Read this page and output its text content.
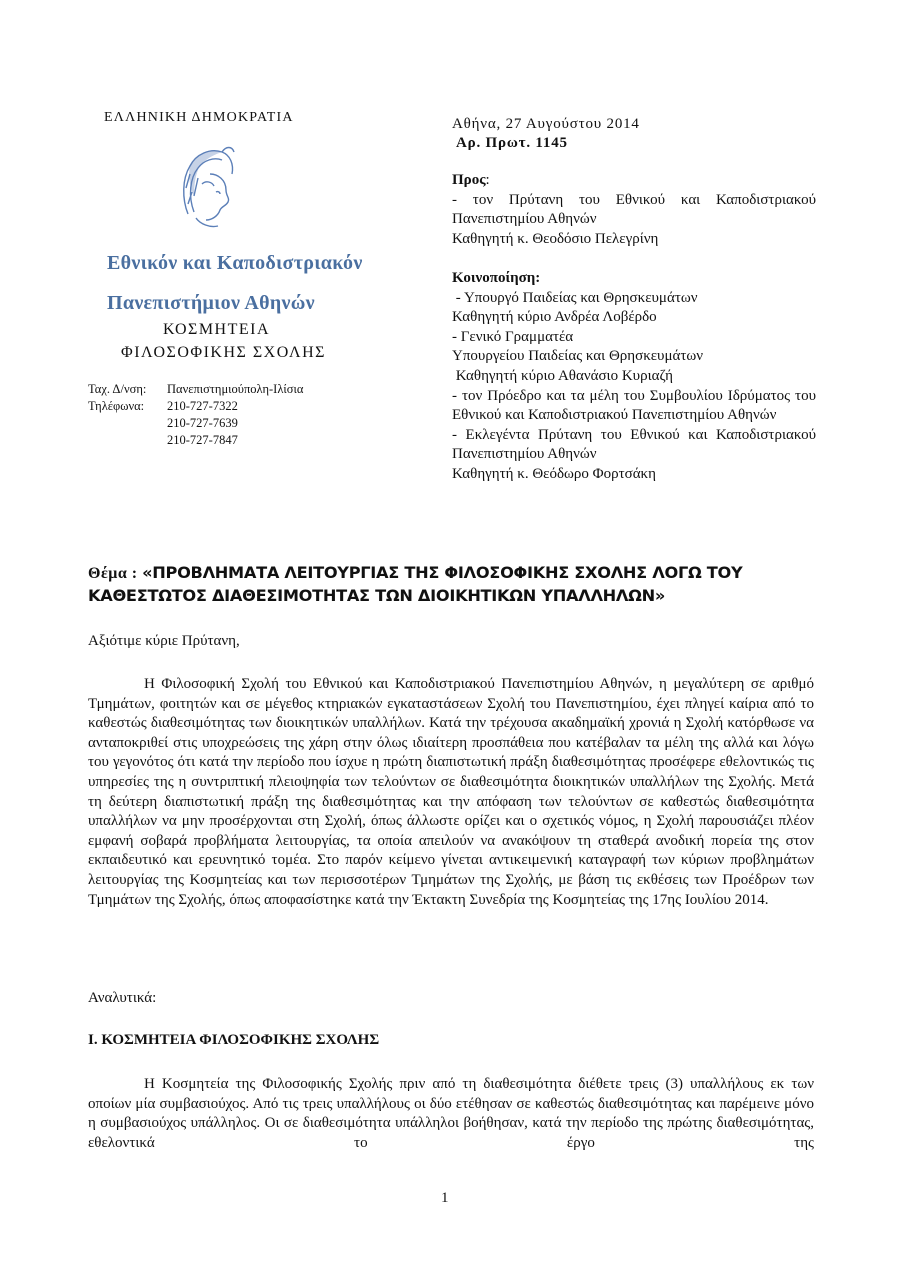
ΕΛΛΗΝΙΚΗ ΔΗΜΟΚΡΑΤΙΑ
Εθνικόν και Καποδιστριακόν
Πανεπιστήμιον Αθηνών
ΚΟΣΜΗΤΕΙΑ
ΦΙΛΟΣΟΦΙΚΗΣ ΣΧΟΛΗΣ
Ταχ. Δ/νση:	Πανεπιστημιούπολη-Ιλίσια
Τηλέφωνα:	210-727-7322
210-727-7639
210-727-7847
Αθήνα, 27 Αυγούστου 2014
Αρ. Πρωτ. 1145
Προς:
- τον Πρύτανη του Εθνικού και Καποδιστριακού Πανεπιστημίου Αθηνών
Καθηγητή κ. Θεοδόσιο Πελεγρίνη
Κοινοποίηση:
- Υπουργό Παιδείας και Θρησκευμάτων
Καθηγητή κύριο Ανδρέα Λοβέρδο
- Γενικό Γραμματέα
Υπουργείου Παιδείας και Θρησκευμάτων
Καθηγητή κύριο Αθανάσιο Κυριαζή
- τον Πρόεδρο και τα μέλη του Συμβουλίου Ιδρύματος του Εθνικού και Καποδιστριακού Πανεπιστημίου Αθηνών
- Εκλεγέντα Πρύτανη του Εθνικού και Καποδιστριακού Πανεπιστημίου Αθηνών
Καθηγητή κ. Θεόδωρο Φορτσάκη
Θέμα : «ΠΡΟΒΛΗΜΑΤΑ ΛΕΙΤΟΥΡΓΙΑΣ ΤΗΣ ΦΙΛΟΣΟΦΙΚΗΣ ΣΧΟΛΗΣ ΛΟΓΩ ΤΟΥ ΚΑΘΕΣΤΩΤΟΣ ΔΙΑΘΕΣΙΜΟΤΗΤΑΣ ΤΩΝ ΔΙΟΙΚΗΤΙΚΩΝ ΥΠΑΛΛΗΛΩΝ»
Αξιότιμε κύριε Πρύτανη,

Η Φιλοσοφική Σχολή του Εθνικού και Καποδιστριακού Πανεπιστημίου Αθηνών, η μεγαλύτερη σε αριθμό Τμημάτων, φοιτητών και σε μέγεθος κτηριακών εγκαταστάσεων Σχολή του Πανεπιστημίου, έχει πληγεί καίρια από το καθεστώς διαθεσιμότητας των διοικητικών υπαλλήλων. Κατά την τρέχουσα ακαδημαϊκή χρονιά η Σχολή κατόρθωσε να ανταποκριθεί στις υποχρεώσεις της χάρη στην όλως ιδιαίτερη προσπάθεια που κατέβαλαν τα μέλη της αλλά και λόγω του γεγονότος ότι κατά την περίοδο που ίσχυε η πρώτη διαπιστωτική πράξη διαθεσιμότητας προσέφερε εθελοντικώς τις υπηρεσίες της η συντριπτική πλειοψηφία των τελούντων σε διαθεσιμότητα διοικητικών υπαλλήλων της Σχολής. Μετά τη δεύτερη διαπιστωτική πράξη της διαθεσιμότητας και την απόφαση των τελούντων σε καθεστώς διαθεσιμότητα υπαλλήλων να μην προσέρχονται στη Σχολή, όπως άλλωστε ορίζει και ο σχετικός νόμος, η Σχολή παρουσιάζει πλέον εμφανή σοβαρά προβλήματα λειτουργίας, τα οποία απειλούν να ανακόψουν τη σταθερά ανοδική πορεία της στον εκπαιδευτικό και ερευνητικό τομέα. Στο παρόν κείμενο γίνεται αντικειμενική καταγραφή των κύριων προβλημάτων λειτουργίας της Κοσμητείας και των περισσοτέρων Τμημάτων της Σχολής, με βάση τις εκθέσεις των Προέδρων των Τμημάτων της Σχολής, όπως αποφασίστηκε κατά την Έκτακτη Συνεδρία της Κοσμητείας της 17ης Ιουλίου 2014.

Αναλυτικά:
Ι. ΚΟΣΜΗΤΕΙΑ ΦΙΛΟΣΟΦΙΚΗΣ ΣΧΟΛΗΣ

Η Κοσμητεία της Φιλοσοφικής Σχολής πριν από τη διαθεσιμότητα διέθετε τρεις (3) υπαλλήλους εκ των οποίων μία συμβασιούχος. Από τις τρεις υπαλλήλους οι δύο ετέθησαν σε καθεστώς διαθεσιμότητας και παρέμεινε μόνο η συμβασιούχος υπάλληλος. Οι σε διαθεσιμότητα υπάλληλοι βοήθησαν, κατά την περίοδο της πρώτης διαθεσιμότητας, εθελοντικά το έργο της

1
